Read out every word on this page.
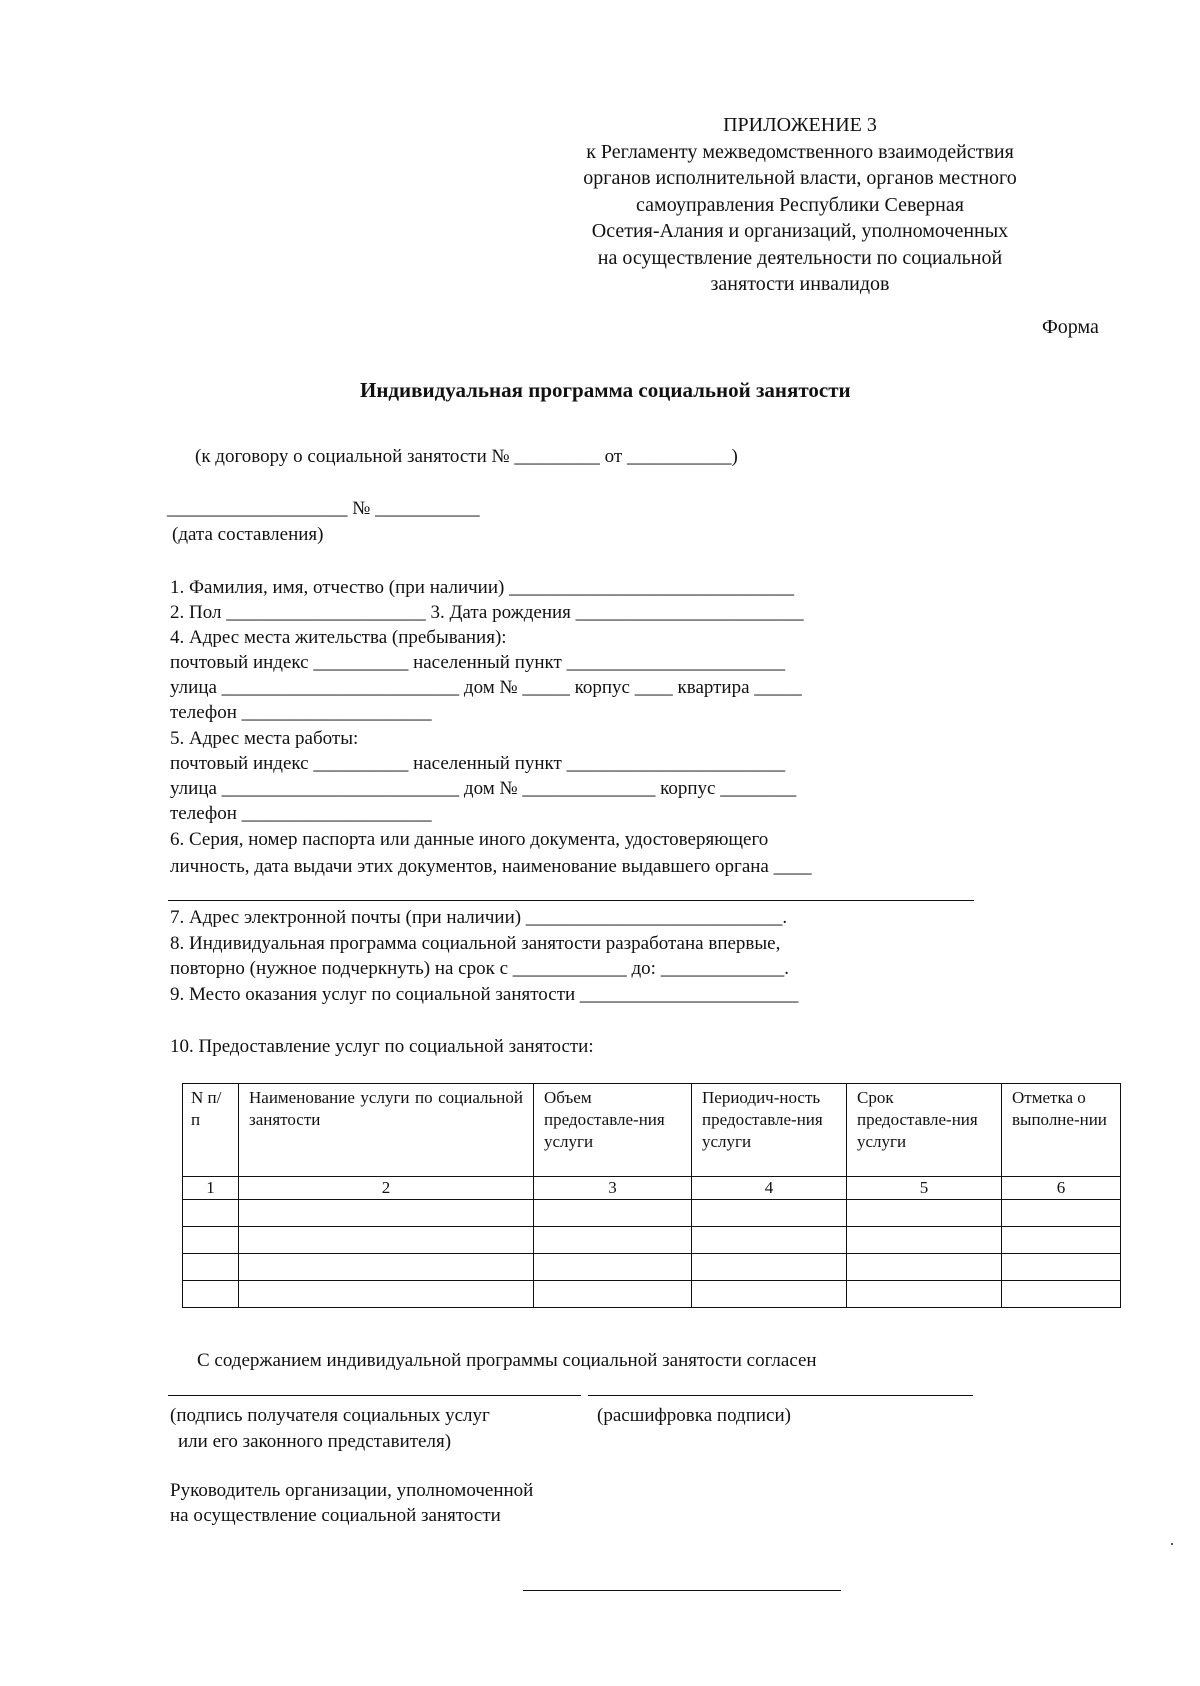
ПРИЛОЖЕНИЕ 3
к Регламенту межведомственного взаимодействия
органов исполнительной власти, органов местного
самоуправления Республики Северная
Осетия-Алания и организаций, уполномоченных
на осуществление деятельности по социальной
занятости инвалидов
Форма
Индивидуальная программа социальной занятости
(к договору о социальной занятости № _________ от ___________)
___________________ № ___________
(дата составления)
1. Фамилия, имя, отчество (при наличии) ______________________________
2. Пол _____________________ 3. Дата рождения ________________________
4. Адрес места жительства (пребывания):
почтовый индекс __________ населенный пункт _______________________
улица _________________________ дом № _____ корпус ____ квартира _____
телефон ____________________
5. Адрес места работы:
почтовый индекс __________ населенный пункт _______________________
улица _________________________ дом № ______________ корпус ________
телефон ____________________
6. Серия, номер паспорта или данные иного документа, удостоверяющего
личность, дата выдачи этих документов, наименование выдавшего органа ____
7. Адрес электронной почты (при наличии) ___________________________.
8. Индивидуальная программа социальной занятости разработана впервые,
повторно (нужное подчеркнуть) на срок с ____________ до: _____________.
9. Место оказания услуг по социальной занятости _______________________
10. Предоставление услуг по социальной занятости:
N п/п	Наименование услуги по социальной занятости	Объем предоставле-ния услуги	Периодич-ность предоставле-ния услуги	Срок предоставле-ния услуги	Отметка о выполне-нии
1	2	3	4	5	6

С содержанием индивидуальной программы социальной занятости согласен
(подпись получателя социальных услуг
или его законного представителя)
(расшифровка подписи)
Руководитель организации, уполномоченной
на осуществление социальной занятости
